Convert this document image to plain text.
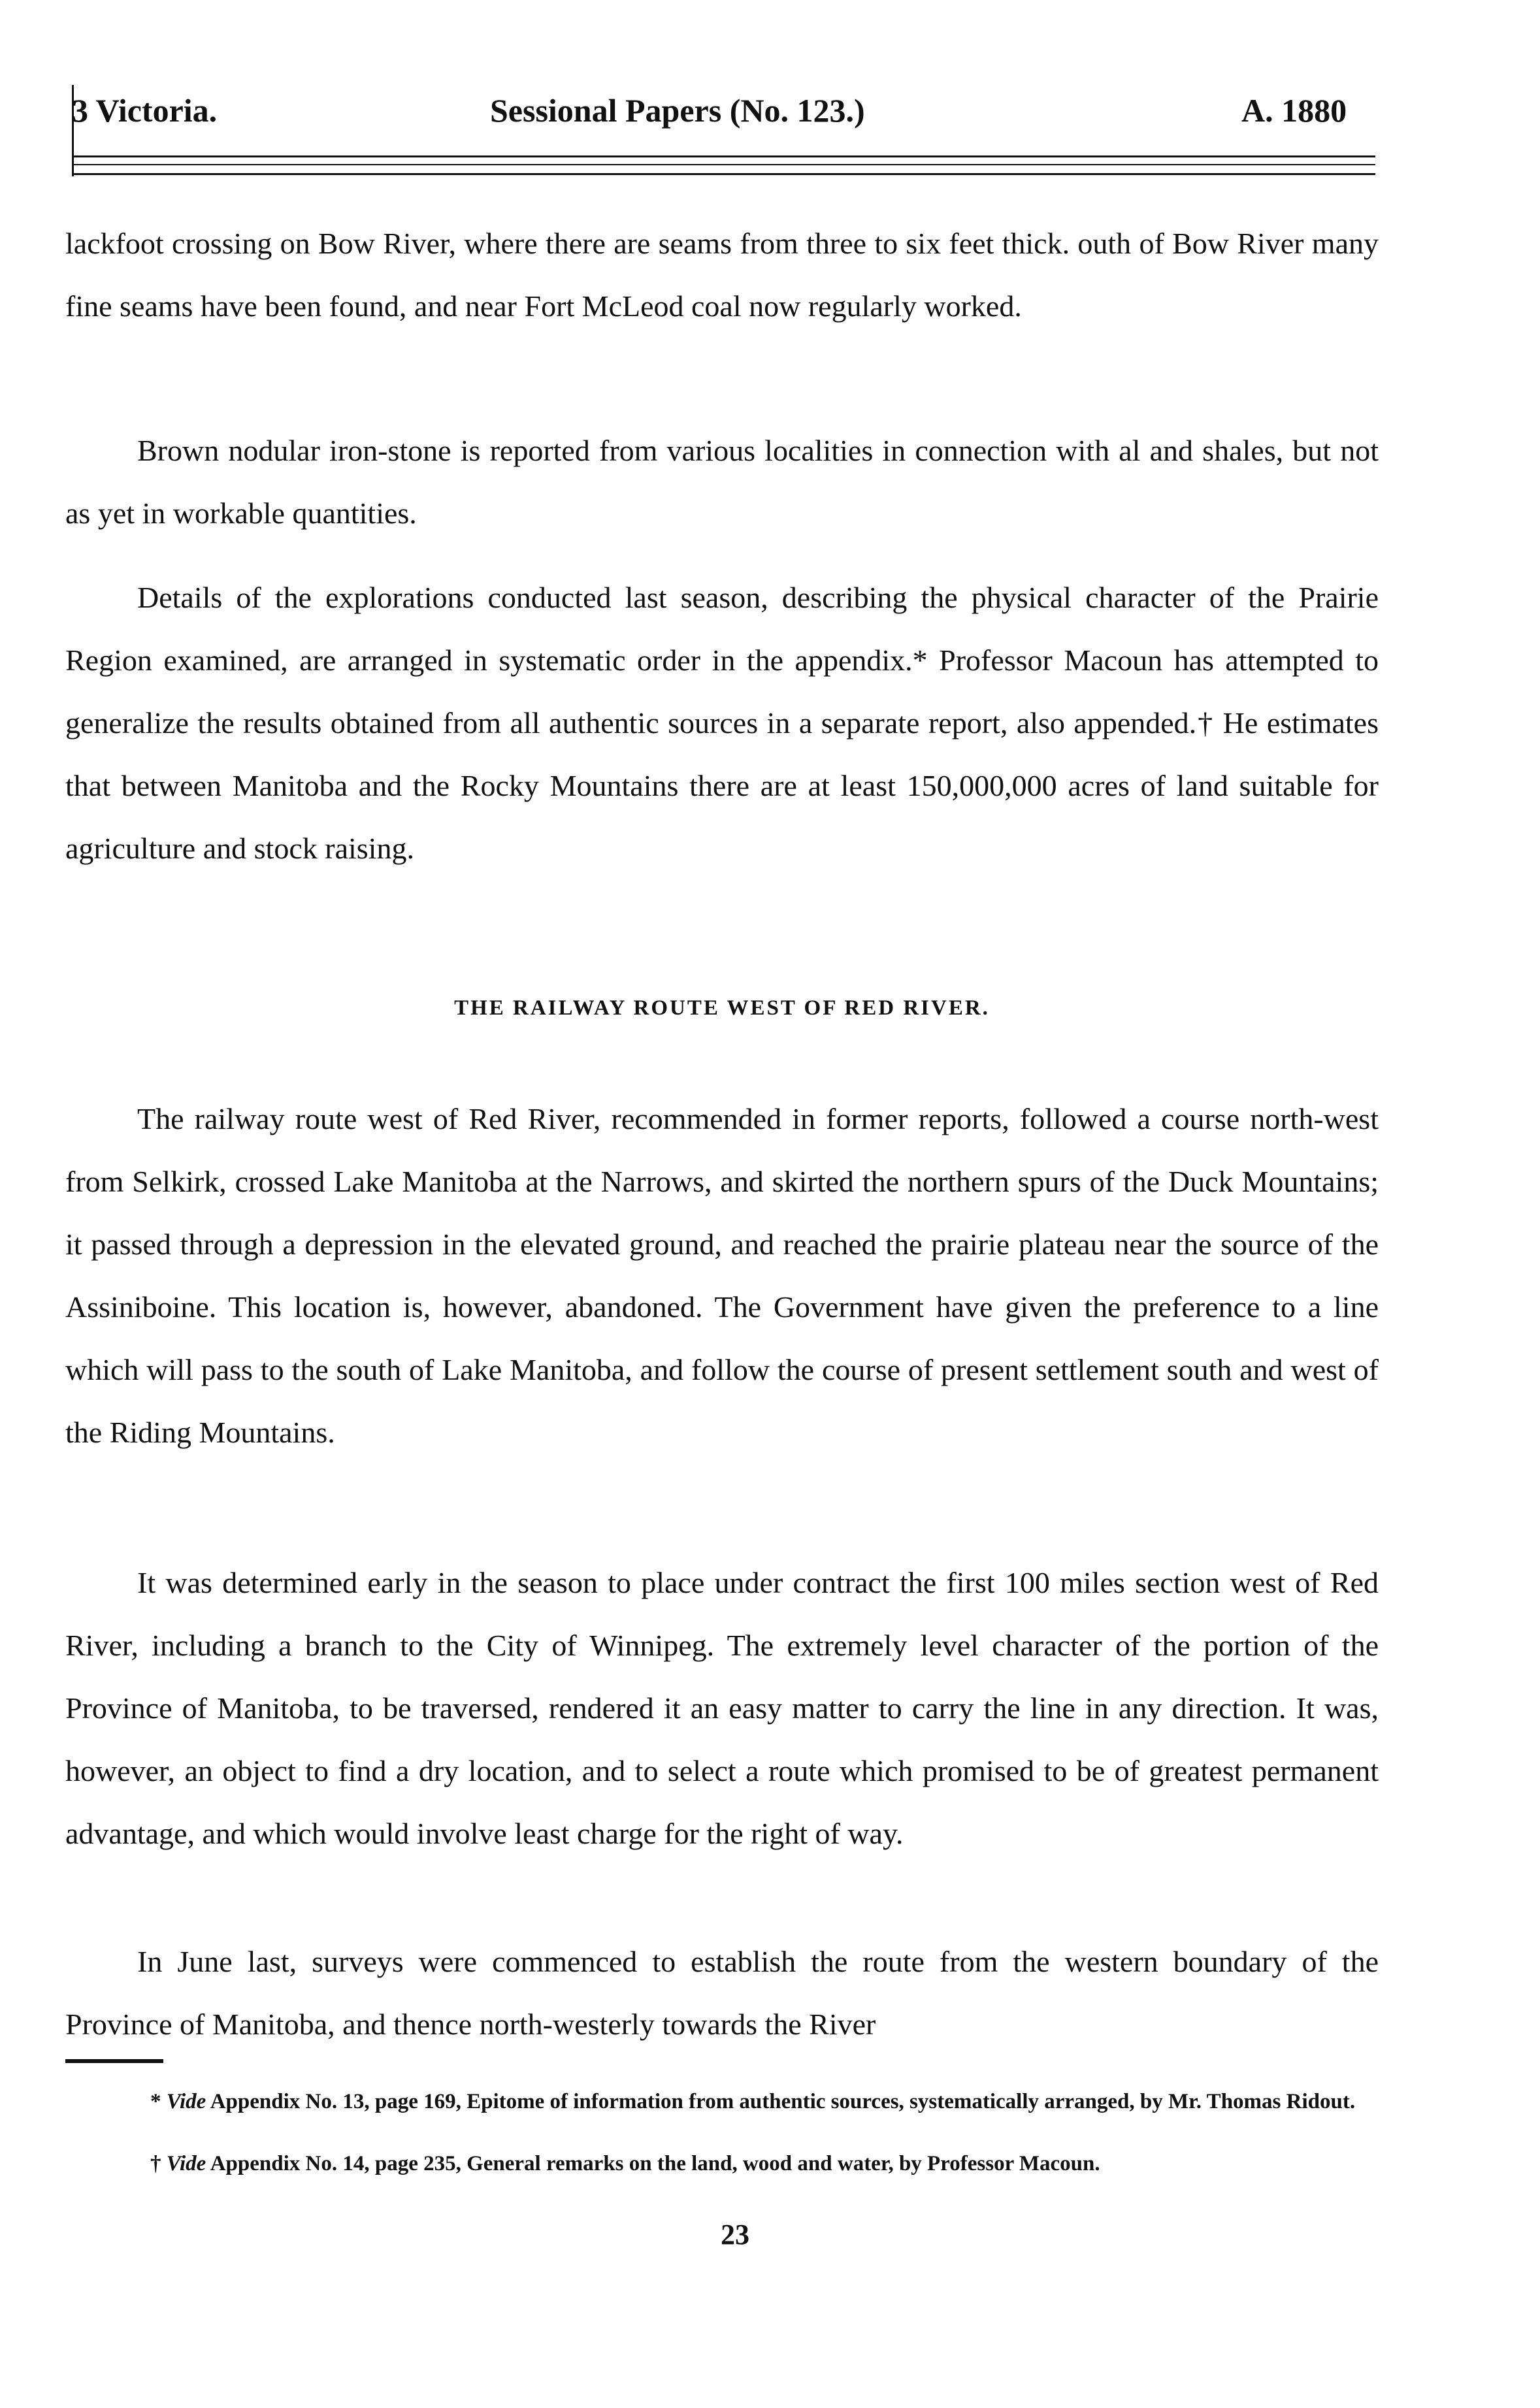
3 Victoria.	Sessional Papers (No. 123.)	A. 1880

lackfoot crossing on Bow River, where there are seams from three to six feet thick. outh of Bow River many fine seams have been found, and near Fort McLeod coal now regularly worked.

Brown nodular iron-stone is reported from various localities in connection with al and shales, but not as yet in workable quantities.

Details of the explorations conducted last season, describing the physical character of the Prairie Region examined, are arranged in systematic order in the appendix.* Professor Macoun has attempted to generalize the results obtained from all authentic sources in a separate report, also appended.† He estimates that between Manitoba and the Rocky Mountains there are at least 150,000,000 acres of land suitable for agriculture and stock raising.

THE RAILWAY ROUTE WEST OF RED RIVER.

The railway route west of Red River, recommended in former reports, followed a course north-west from Selkirk, crossed Lake Manitoba at the Narrows, and skirted the northern spurs of the Duck Mountains; it passed through a depression in the elevated ground, and reached the prairie plateau near the source of the Assiniboine. This location is, however, abandoned. The Government have given the preference to a line which will pass to the south of Lake Manitoba, and follow the course of present settlement south and west of the Riding Mountains.

It was determined early in the season to place under contract the first 100 miles section west of Red River, including a branch to the City of Winnipeg. The extremely level character of the portion of the Province of Manitoba, to be traversed, rendered it an easy matter to carry the line in any direction. It was, however, an object to find a dry location, and to select a route which promised to be of greatest permanent advantage, and which would involve least charge for the right of way.

In June last, surveys were commenced to establish the route from the western boundary of the Province of Manitoba, and thence north-westerly towards the River

* Vide Appendix No. 13, page 169, Epitome of information from authentic sources, systematically arranged, by Mr. Thomas Ridout.

† Vide Appendix No. 14, page 235, General remarks on the land, wood and water, by Professor Macoun.

23
